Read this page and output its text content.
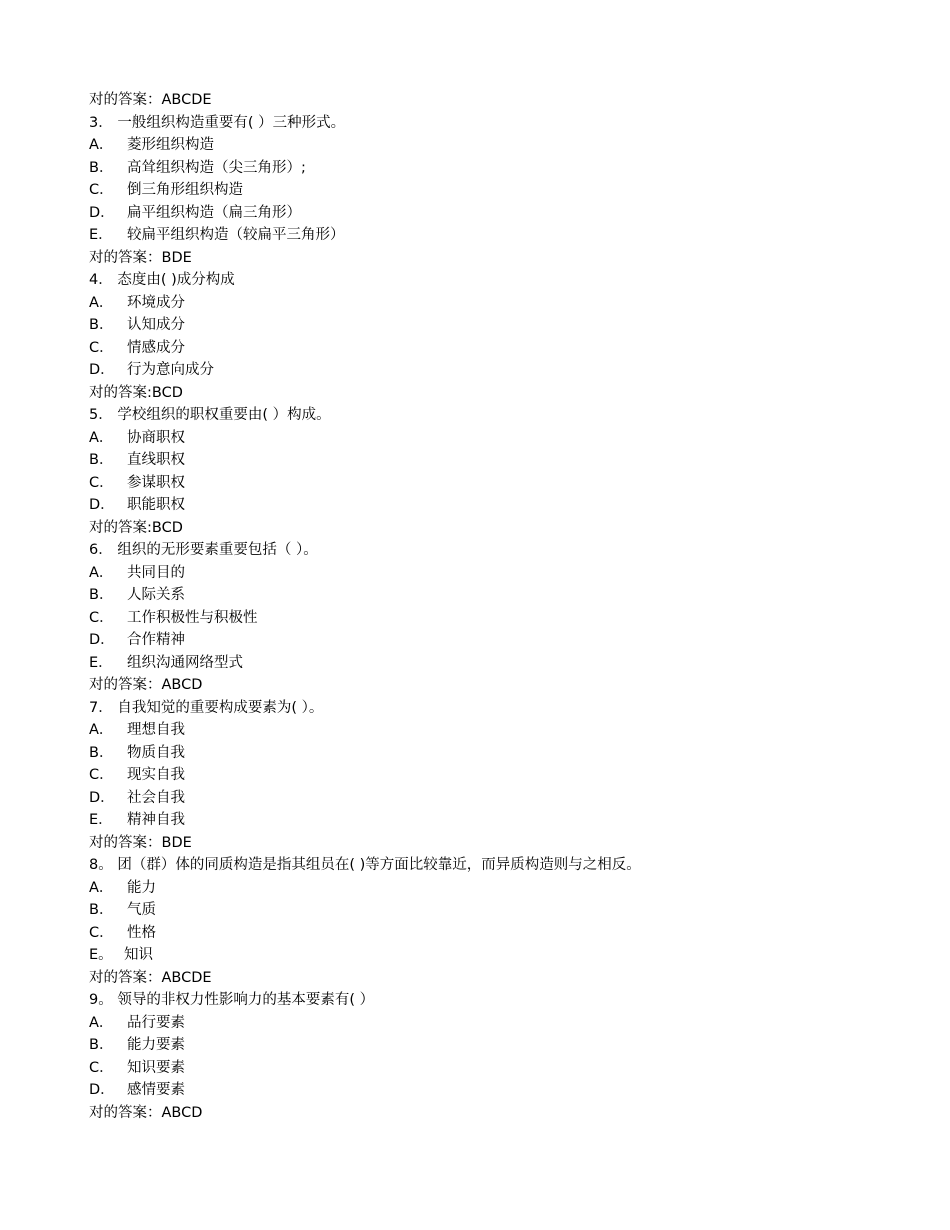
对的答案：ABCDE
3． 一般组织构造重要有( ）三种形式。
A． 菱形组织构造
B． 高耸组织构造（尖三角形）;
C． 倒三角形组织构造
D． 扁平组织构造（扁三角形）
E． 较扁平组织构造（较扁平三角形）
对的答案：BDE
4． 态度由( )成分构成
A． 环境成分
B． 认知成分
C． 情感成分
D． 行为意向成分
对的答案:BCD
5． 学校组织的职权重要由( ）构成。
A． 协商职权
B． 直线职权
C． 参谋职权
D． 职能职权
对的答案:BCD
6． 组织的无形要素重要包括（ ）。
A． 共同目的
B． 人际关系
C． 工作积极性与积极性
D． 合作精神
E． 组织沟通网络型式
对的答案：ABCD
7． 自我知觉的重要构成要素为( ）。
A． 理想自我
B． 物质自我
C． 现实自我
D． 社会自我
E． 精神自我
对的答案：BDE
8。 团（群）体的同质构造是指其组员在( )等方面比较靠近，而异质构造则与之相反。
A． 能力
B． 气质
C． 性格
E。 知识
对的答案：ABCDE
9。 领导的非权力性影响力的基本要素有( ）
A． 品行要素
B． 能力要素
C． 知识要素
D． 感情要素
对的答案：ABCD
